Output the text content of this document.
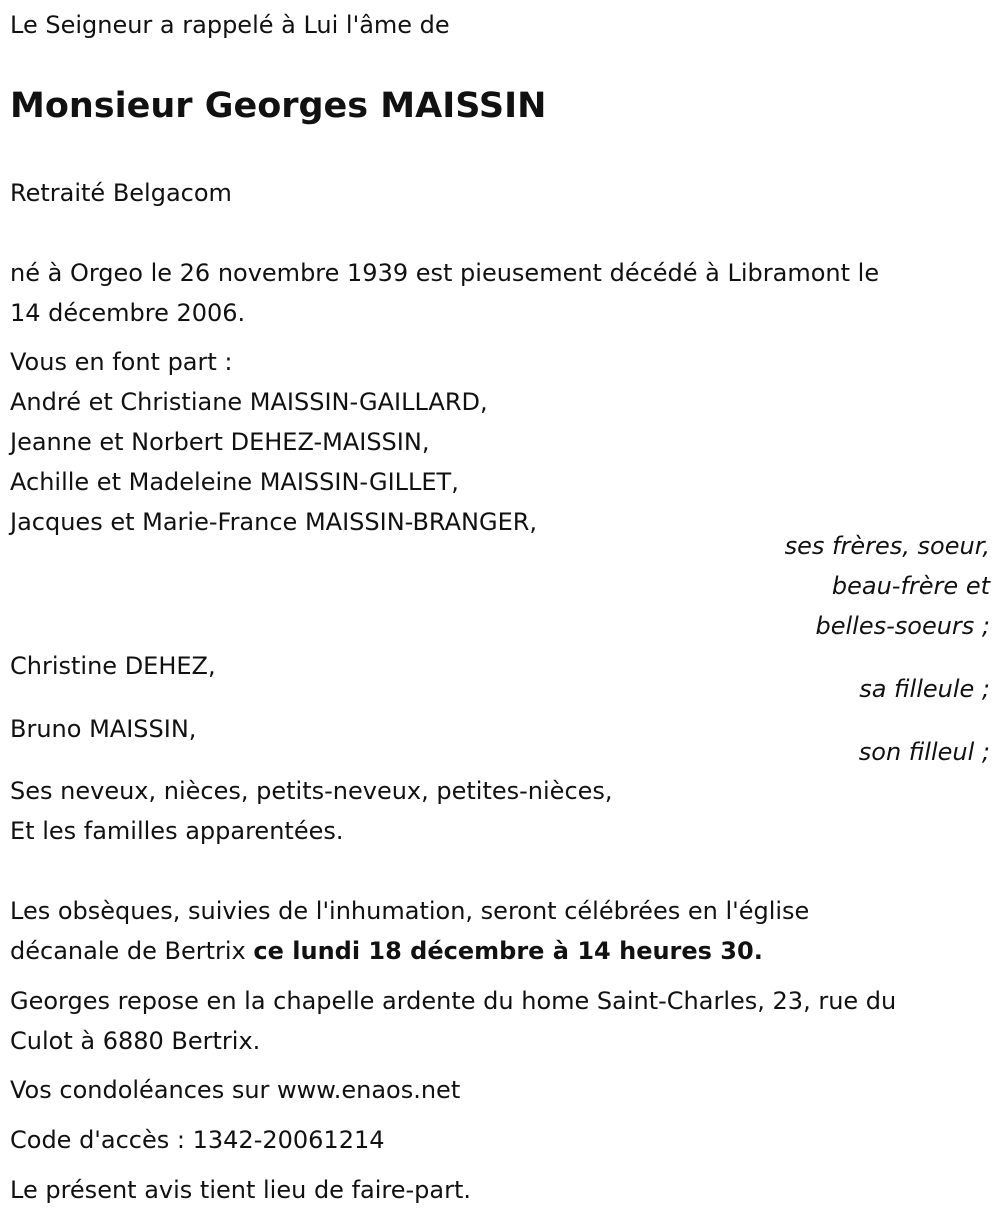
Le Seigneur a rappelé à Lui l'âme de
Monsieur Georges MAISSIN
Retraité Belgacom
né à Orgeo le 26 novembre 1939 est pieusement décédé à Libramont le
14 décembre 2006.
Vous en font part :
André et Christiane MAISSIN-GAILLARD,
Jeanne et Norbert DEHEZ-MAISSIN,
Achille et Madeleine MAISSIN-GILLET,
Jacques et Marie-France MAISSIN-BRANGER,
ses frères, soeur,
beau-frère et
belles-soeurs ;
Christine DEHEZ,
sa filleule ;
Bruno MAISSIN,
son filleul ;
Ses neveux, nièces, petits-neveux, petites-nièces,
Et les familles apparentées.
Les obsèques, suivies de l'inhumation, seront célébrées en l'église
décanale de Bertrix ce lundi 18 décembre à 14 heures 30.
Georges repose en la chapelle ardente du home Saint-Charles, 23, rue du
Culot à 6880 Bertrix.
Vos condoléances sur www.enaos.net
Code d'accès : 1342-20061214
Le présent avis tient lieu de faire-part.
